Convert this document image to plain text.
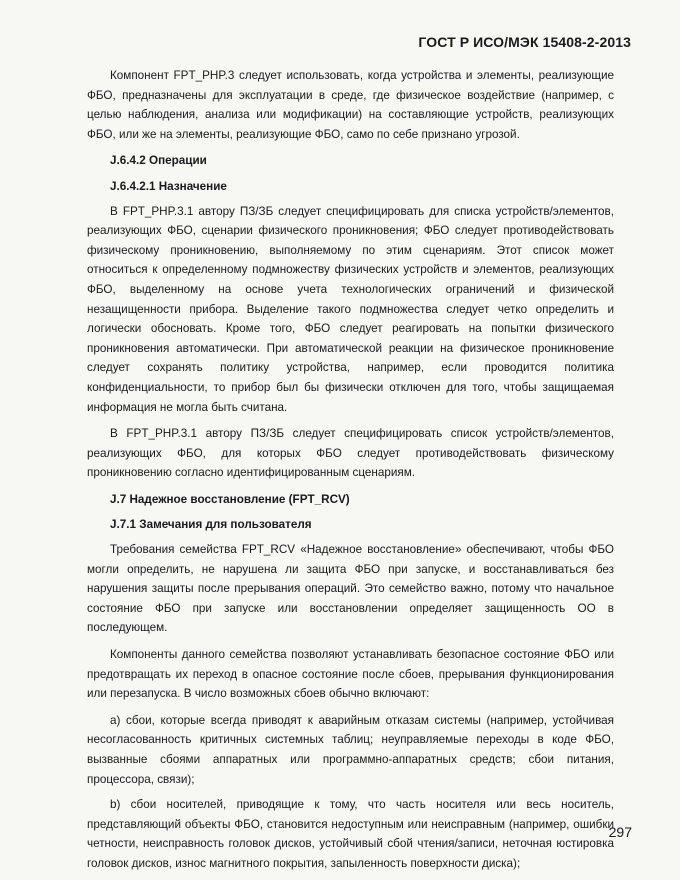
ГОСТ Р ИСО/МЭК 15408-2-2013

Компонент FPT_PHP.3 следует использовать, когда устройства и элементы, реализующие ФБО, предназначены для эксплуатации в среде, где физическое воздействие (например, с целью наблюдения, анализа или модификации) на составляющие устройств, реализующих ФБО, или же на элементы, реализующие ФБО, само по себе признано угрозой.

J.6.4.2 Операции

J.6.4.2.1 Назначение

В FPT_PHP.3.1 автору ПЗ/ЗБ следует специфицировать для списка устройств/элементов, реализующих ФБО, сценарии физического проникновения; ФБО следует противодействовать физическому проникновению, выполняемому по этим сценариям. Этот список может относиться к определенному подмножеству физических устройств и элементов, реализующих ФБО, выделенному на основе учета технологических ограничений и физической незащищенности прибора. Выделение такого подмножества следует четко определить и логически обосновать. Кроме того, ФБО следует реагировать на попытки физического проникновения автоматически. При автоматической реакции на физическое проникновение следует сохранять политику устройства, например, если проводится политика конфиденциальности, то прибор был бы физически отключен для того, чтобы защищаемая информация не могла быть считана.

В FPT_PHP.3.1 автору ПЗ/ЗБ следует специфицировать список устройств/элементов, реализующих ФБО, для которых ФБО следует противодействовать физическому проникновению согласно идентифицированным сценариям.

J.7 Надежное восстановление (FPT_RCV)

J.7.1 Замечания для пользователя

Требования семейства FPT_RCV «Надежное восстановление» обеспечивают, чтобы ФБО могли определить, не нарушена ли защита ФБО при запуске, и восстанавливаться без нарушения защиты после прерывания операций. Это семейство важно, потому что начальное состояние ФБО при запуске или восстановлении определяет защищенность ОО в последующем.

Компоненты данного семейства позволяют устанавливать безопасное состояние ФБО или предотвращать их переход в опасное состояние после сбоев, прерывания функционирования или перезапуска. В число возможных сбоев обычно включают:

a) сбои, которые всегда приводят к аварийным отказам системы (например, устойчивая несогласованность критичных системных таблиц; неуправляемые переходы в коде ФБО, вызванные сбоями аппаратных или программно-аппаратных средств; сбои питания, процессора, связи);

b) сбои носителей, приводящие к тому, что часть носителя или весь носитель, представляющий объекты ФБО, становится недоступным или неисправным (например, ошибки четности, неисправность головок дисков, устойчивый сбой чтения/записи, неточная юстировка головок дисков, износ магнитного покрытия, запыленность поверхности диска);

297
